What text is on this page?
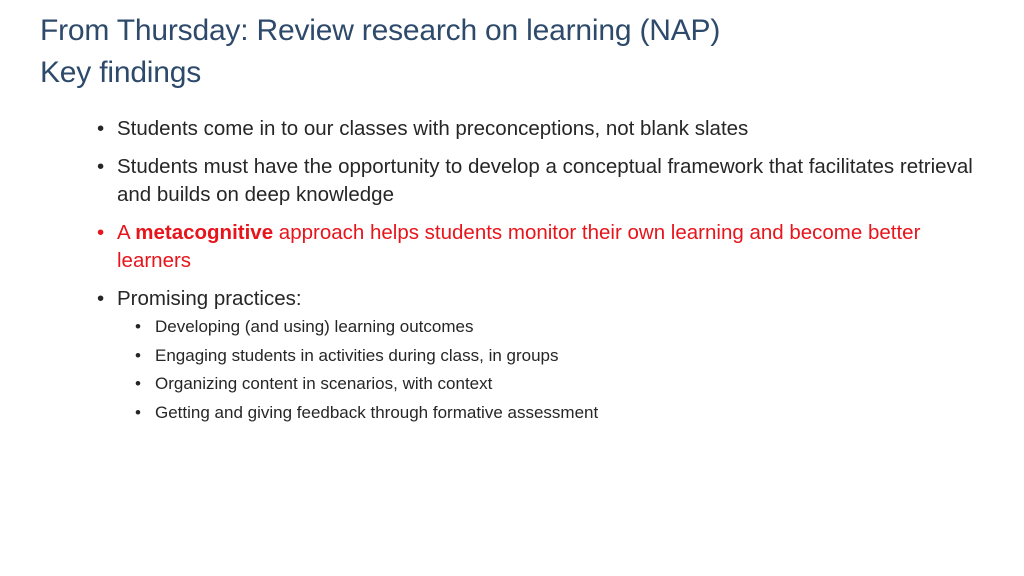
From Thursday: Review research on learning (NAP)
Key findings
• Students come in to our classes with preconceptions, not blank slates
• Students must have the opportunity to develop a conceptual framework that facilitates retrieval and builds on deep knowledge
• A metacognitive approach helps students monitor their own learning and become better learners
• Promising practices:
• Developing (and using) learning outcomes
• Engaging students in activities during class, in groups
• Organizing content in scenarios, with context
• Getting and giving feedback through formative assessment
